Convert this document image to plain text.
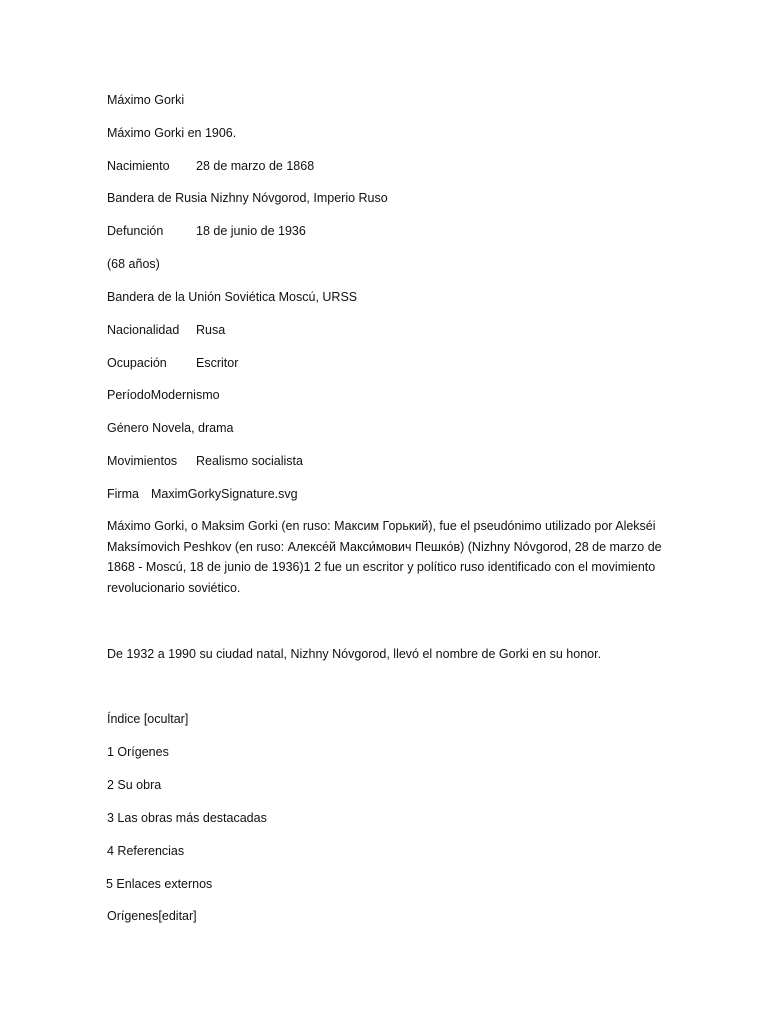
Máximo Gorki
Máximo Gorki en 1906.
Nacimiento 28 de marzo de 1868
Bandera de Rusia Nizhny Nóvgorod, Imperio Ruso
Defunción	18 de junio de 1936
(68 años)
Bandera de la Unión Soviética Moscú, URSS
Nacionalidad Rusa
Ocupación Escritor
PeríodoModernismo
Género Novela, drama
Movimientos Realismo socialista
Firma MaximGorkySignature.svg
Máximo Gorki, o Maksim Gorki (en ruso: Максим Горький), fue el pseudónimo utilizado por Alekséi Maksímovich Peshkov (en ruso: Алексе́й Макси́мович Пешко́в) (Nizhny Nóvgorod, 28 de marzo de 1868 - Moscú, 18 de junio de 1936)1 2 fue un escritor y político ruso identificado con el movimiento revolucionario soviético.
De 1932 a 1990 su ciudad natal, Nizhny Nóvgorod, llevó el nombre de Gorki en su honor.
Índice [ocultar]
1 Orígenes
2 Su obra
3 Las obras más destacadas
4 Referencias
5 Enlaces externos
Orígenes[editar]
